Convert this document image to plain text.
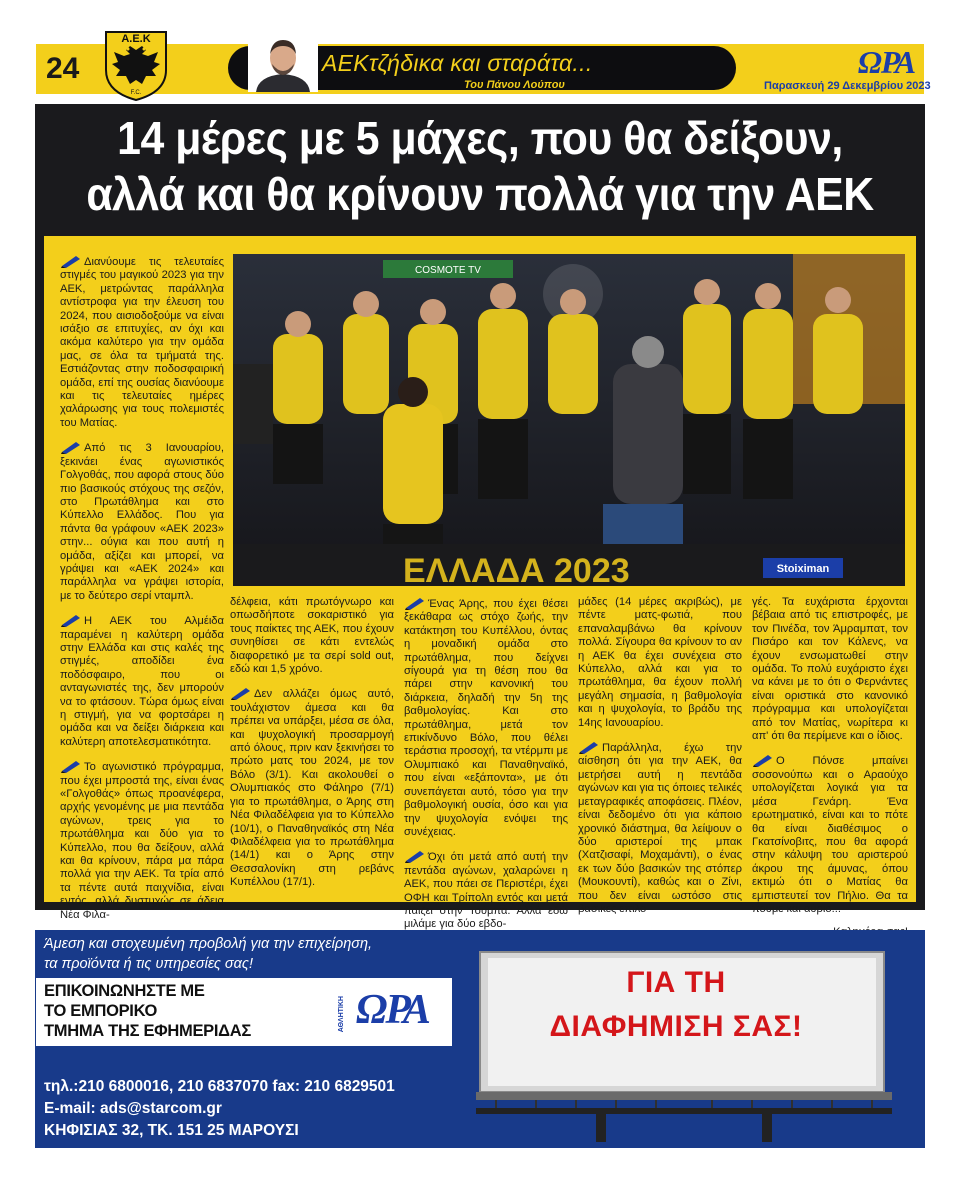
24
Α.Ε.Κ
F.C.
ΑΕΚτζήδικα και σταράτα...
Του Πάνου Λούπου
ΩΡΑ
Παρασκευή 29 Δεκεμβρίου 2023
14 μέρες με 5 μάχες, που θα δείξουν,
αλλά και θα κρίνουν πολλά για την ΑΕΚ

Διανύουμε τις τελευταίες στιγμές του μαγικού 2023 για την ΑΕΚ, μετρώντας παράλληλα αντίστροφα για την έλευση του 2024, που αισιοδοξούμε να είναι ισάξιο σε επιτυχίες, αν όχι και ακόμα καλύτερο για την ομάδα μας, σε όλα τα τμήματά της. Εστιάζοντας στην ποδοσφαιρική ομάδα, επί της ουσίας διανύουμε και τις τελευταίες ημέρες χαλάρωσης για τους πολεμιστές του Ματίας.

Από τις 3 Ιανουαρίου, ξεκινάει ένας αγωνιστικός Γολγοθάς, που αφορά στους δύο πιο βασικούς στόχους της σεζόν, στο Πρωτάθλημα και στο Κύπελλο Ελλάδος. Που για πάντα θα γράφουν «ΑΕΚ 2023» στην... ούγια και που αυτή η ομάδα, αξίζει και μπορεί, να γράψει και «ΑΕΚ 2024» και παράλληλα να γράψει ιστορία, με το δεύτερο σερί νταμπλ.

Η ΑΕΚ του Αλμέιδα παραμένει η καλύτερη ομάδα στην Ελλάδα και στις καλές της στιγμές, αποδίδει ένα ποδόσφαιρο, που οι ανταγωνιστές της, δεν μπορούν να το φτάσουν. Τώρα όμως είναι η στιγμή, για να φορτσάρει η ομάδα και να δείξει διάρκεια και καλύτερη αποτελεσματικότητα.

Το αγωνιστικό πρόγραμμα, που έχει μπροστά της, είναι ένας «Γολγοθάς» όπως προανέφερα, αρχής γενομένης με μια πεντάδα αγώνων, τρεις για το πρωτάθλημα και δύο για το Κύπελλο, που θα δείξουν, αλλά και θα κρίνουν, πάρα μα πάρα πολλά για την ΑΕΚ. Τα τρία από τα πέντε αυτά παιχνίδια, είναι εντός, αλλά δυστυχώς σε άδεια Νέα Φιλα-

COSMOTE TV
ΕΛΛΑΔΑ 2023	Stoiximan

δέλφεια, κάτι πρωτόγνωρο και οπωσδήποτε σοκαριστικό για τους παίκτες της ΑΕΚ, που έχουν συνηθίσει σε κάτι εντελώς διαφορετικό με τα σερί sold out, εδώ και 1,5 χρόνο.

Δεν αλλάζει όμως αυτό, τουλάχιστον άμεσα και θα πρέπει να υπάρξει, μέσα σε όλα, και ψυχολογική προσαρμογή από όλους, πριν καν ξεκινήσει το πρώτο ματς του 2024, με τον Βόλο (3/1). Και ακολουθεί ο Ολυμπιακός στο Φάληρο (7/1) για το πρωτάθλημα, ο Άρης στη Νέα Φιλαδέλφεια για το Κύπελλο (10/1), ο Παναθηναϊκός στη Νέα Φιλαδέλφεια για το πρωτάθλημα (14/1) και ο Άρης στην Θεσσαλονίκη στη ρεβάνς Κυπέλλου (17/1).

Ένας Άρης, που έχει θέσει ξεκάθαρα ως στόχο ζωής, την κατάκτηση του Κυπέλλου, όντας η μοναδική ομάδα στο πρωτάθλημα, που δείχνει σίγουρά για τη θέση που θα πάρει στην κανονική του διάρκεια, δηλαδή την 5η της βαθμολογίας. Και στο πρωτάθλημα, μετά τον επικίνδυνο Βόλο, που θέλει τεράστια προσοχή, τα ντέρμπι με Ολυμπιακό και Παναθηναϊκό, που είναι «εξάποντα», με ότι συνεπάγεται αυτό, τόσο για την βαθμολογική ουσία, όσο και για την ψυχολογία ενόψει της συνέχειας.

Όχι ότι μετά από αυτή την πεντάδα αγώνων, χαλαρώνει η ΑΕΚ, που πάει σε Περιστέρι, έχει ΟΦΗ και Τρίπολη εντός και μετά παίζει στην Τούμπα. Αλλά εδώ μιλάμε για δύο εβδο-

μάδες (14 μέρες ακριβώς), με πέντε ματς-φωτιά, που επαναλαμβάνω θα κρίνουν πολλά. Σίγουρα θα κρίνουν το αν η ΑΕΚ θα έχει συνέχεια στο Κύπελλο, αλλά και για το πρωτάθλημα, θα έχουν πολλή μεγάλη σημασία, η βαθμολογία και η ψυχολογία, το βράδυ της 14ης Ιανουαρίου.

Παράλληλα, έχω την αίσθηση ότι για την ΑΕΚ, θα μετρήσει αυτή η πεντάδα αγώνων και για τις όποιες τελικές μεταγραφικές αποφάσεις. Πλέον, είναι δεδομένο ότι για κάποιο χρονικό διάστημα, θα λείψουν ο δύο αριστεροί της μπακ (Χατζισαφί, Μοχαμάντι), ο ένας εκ των δύο βασικών της στόπερ (Μουκουντί), καθώς και ο Ζίνι, που δεν είναι ωστόσο στις βασικές επιλο-

γές. Τα ευχάριστα έρχονται βέβαια από τις επιστροφές, με τον Πινέδα, τον Άμραμπατ, τον Πισάρο και τον Κάλενς, να έχουν ενσωματωθεί στην ομάδα. Το πολύ ευχάριστο έχει να κάνει με το ότι ο Φερνάντες είναι οριστικά στο κανονικό πρόγραμμα και υπολογίζεται από τον Ματίας, νωρίτερα κι απ' ότι θα περίμενε και ο ίδιος.

Ο Πόνσε μπαίνει σοσονούπω και ο Αραούχο υπολογίζεται λογικά για τα μέσα Γενάρη. Ένα ερωτηματικό, είναι και το πότε θα είναι διαθέσιμος ο Γκατσίνοβιτς, που θα αφορά στην κάλυψη του αριστερού άκρου της άμυνας, όπου εκτιμώ ότι ο Ματίας θα εμπιστευτεί τον Πήλιο. Θα τα πούμε και αύριο...

Άμεση και στοχευμένη προβολή για την επιχείρηση,
τα προϊόντα ή τις υπηρεσίες σας!
ΕΠΙΚΟΙΝΩΝΗΣΤΕ ΜΕ
ΤΟ ΕΜΠΟΡΙΚΟ
ΤΜΗΜΑ ΤΗΣ ΕΦΗΜΕΡΙΔΑΣ	ΑΘΛΗΤΙΚΗ ΩΡΑ
τηλ.:210 6800016, 210 6837070 fax: 210 6829501
E-mail: ads@starcom.gr
ΚΗΦΙΣΙΑΣ 32, ΤΚ. 151 25 ΜΑΡΟΥΣΙ
ΓΙΑ ΤΗ
ΔΙΑΦΗΜΙΣΗ ΣΑΣ!
